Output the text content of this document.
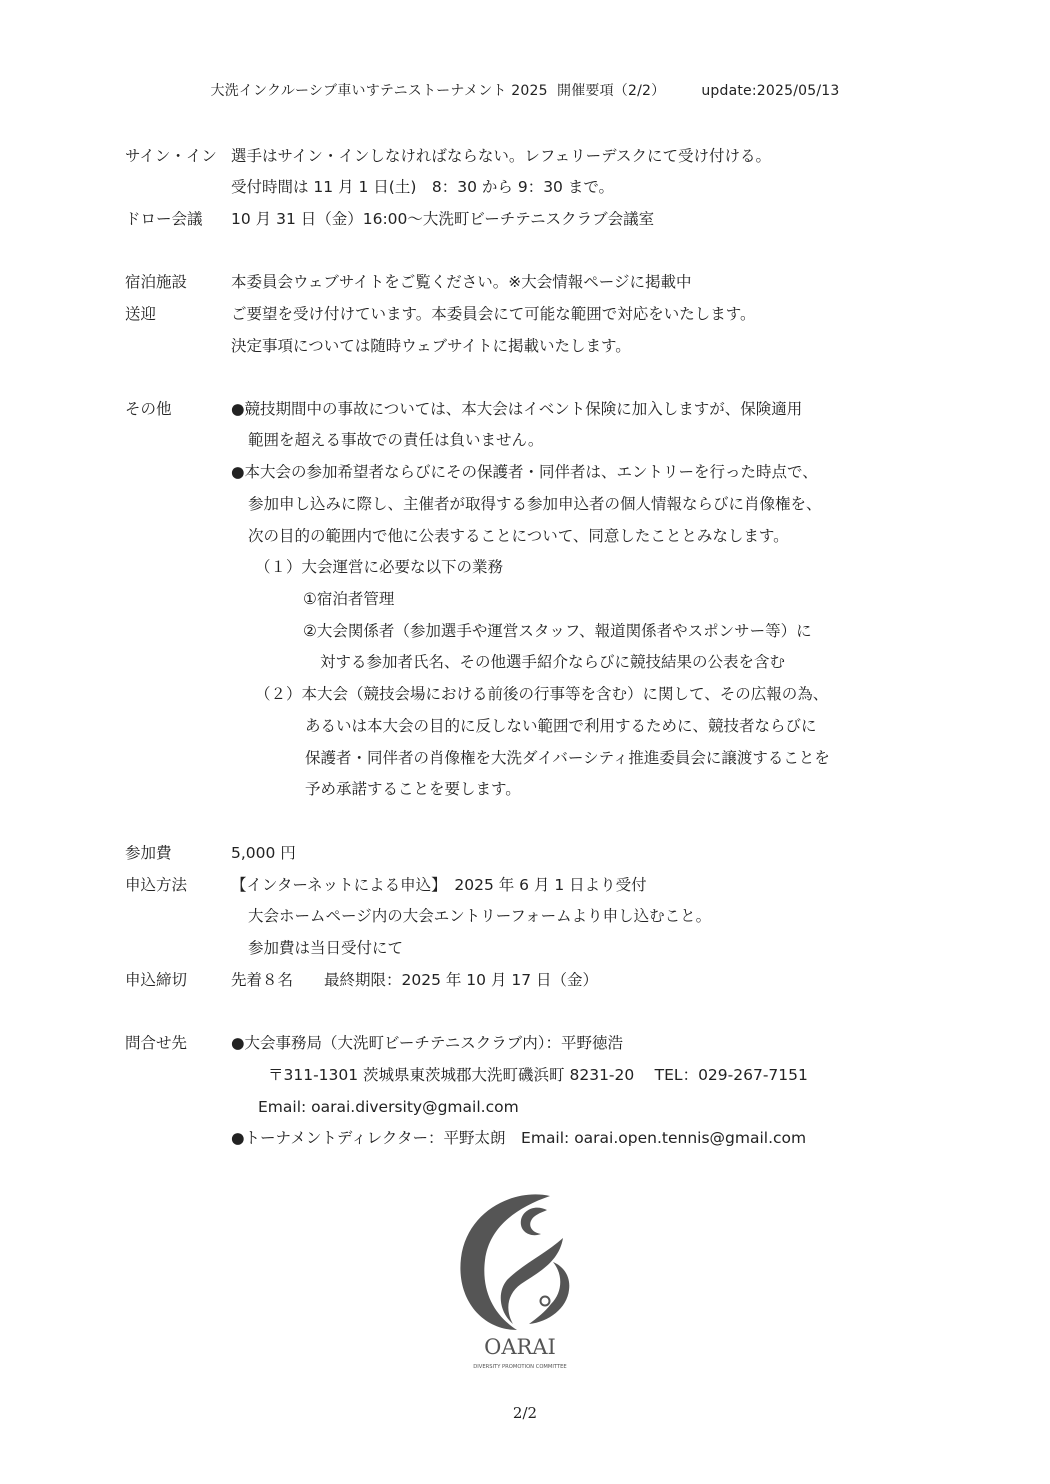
大洗インクルーシブ車いすテニストーナメント 2025  開催要項（2/2）	update:2025/05/13
サイン・イン 選手はサイン・インしなければならない。レフェリーデスクにて受け付ける。
受付時間は 11 月 1 日(土)　8：30 から 9：30 まで。
ドロー会議 10 月 31 日（金）16:00～大洗町ビーチテニスクラブ会議室
宿泊施設	本委員会ウェブサイトをご覧ください。※大会情報ページに掲載中
送迎	ご要望を受け付けています。本委員会にて可能な範囲で対応をいたします。
決定事項については随時ウェブサイトに掲載いたします。
その他	●競技期間中の事故については、本大会はイベント保険に加入しますが、保険適用
範囲を超える事故での責任は負いません。
●本大会の参加希望者ならびにその保護者・同伴者は、エントリーを行った時点で、
参加申し込みに際し、主催者が取得する参加申込者の個人情報ならびに肖像権を、
次の目的の範囲内で他に公表することについて、同意したこととみなします。
（１）大会運営に必要な以下の業務
①宿泊者管理
②大会関係者（参加選手や運営スタッフ、報道関係者やスポンサー等）に
対する参加者氏名、その他選手紹介ならびに競技結果の公表を含む
（２）本大会（競技会場における前後の行事等を含む）に関して、その広報の為、
あるいは本大会の目的に反しない範囲で利用するために、競技者ならびに
保護者・同伴者の肖像権を大洗ダイバーシティ推進委員会に譲渡することを
予め承諾することを要します。
参加費	5,000 円
申込方法	【インターネットによる申込】　2025 年 6 月 1 日より受付
大会ホームページ内の大会エントリーフォームより申し込むこと。
参加費は当日受付にて
申込締切	先着８名　　最終期限：2025 年 10 月 17 日（金）
問合せ先	●大会事務局（大洗町ビーチテニスクラブ内）：平野徳浩
〒311-1301 茨城県東茨城郡大洗町磯浜町 8231-20　 TEL：029-267-7151
Email: oarai.diversity@gmail.com
●トーナメントディレクター：平野太朗　Email: oarai.open.tennis@gmail.com
OARAI
DIVERSITY PROMOTION COMMITTEE
2/2
